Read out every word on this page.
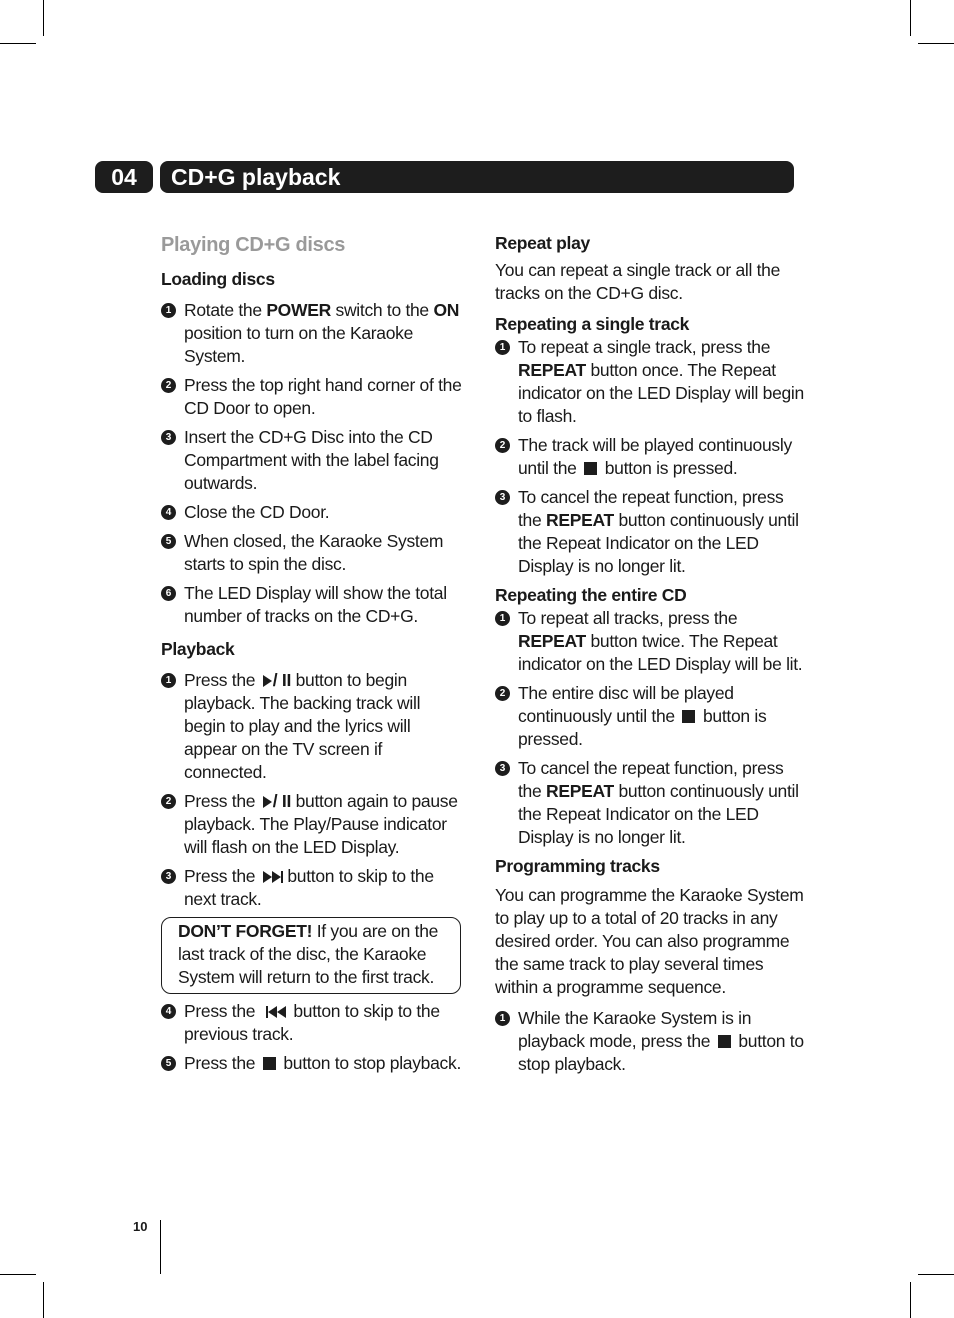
04	CD+G playback
Playing CD+G discs
Loading discs
1 Rotate the POWER switch to the ON position to turn on the Karaoke System.
2 Press the top right hand corner of the CD Door to open.
3 Insert the CD+G Disc into the CD Compartment with the label facing outwards.
4 Close the CD Door.
5 When closed, the Karaoke System starts to spin the disc.
6 The LED Display will show the total number of tracks on the CD+G.
Playback
1 Press the / II button to begin playback. The backing track will begin to play and the lyrics will appear on the TV screen if connected.
2 Press the / II button again to pause playback. The Play/Pause indicator will flash on the LED Display.
3 Press the  button to skip to the next track.
DON’T FORGET! If you are on the last track of the disc, the Karaoke System will return to the first track.
4 Press the  button to skip to the previous track.
5 Press the  button to stop playback.
Repeat play
You can repeat a single track or all the tracks on the CD+G disc.
Repeating a single track
1 To repeat a single track, press the REPEAT button once. The Repeat indicator on the LED Display will begin to flash.
2 The track will be played continuously until the  button is pressed.
3 To cancel the repeat function, press the REPEAT button continuously until the Repeat Indicator on the LED Display is no longer lit.
Repeating the entire CD
1 To repeat all tracks, press the REPEAT button twice. The Repeat indicator on the LED Display will be lit.
2 The entire disc will be played continuously until the  button is pressed.
3 To cancel the repeat function, press the REPEAT button continuously until the Repeat Indicator on the LED Display is no longer lit.
Programming tracks
You can programme the Karaoke System to play up to a total of 20 tracks in any desired order. You can also programme the same track to play several times within a programme sequence.
1 While the Karaoke System is in playback mode, press the  button to stop playback.
10
